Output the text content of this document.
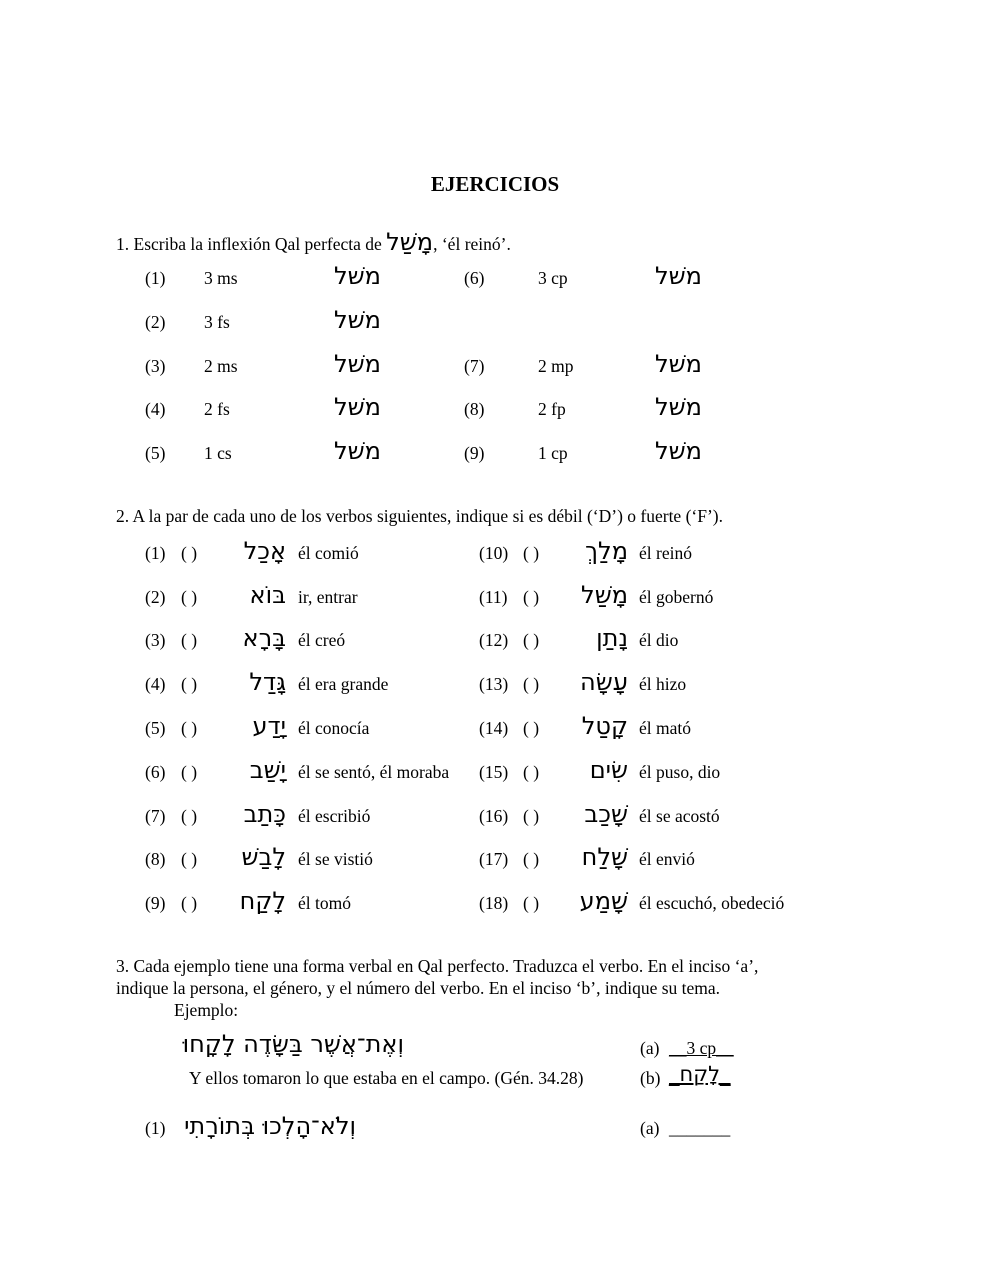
EJERCICIOS
1. Escriba la inflexión Qal perfecta de מָשַׁל, ‘él reinó’.
(1) 3 ms	משׁל
(2) 3 fs	משׁל
(3) 2 ms	משׁל
(4) 2 fs	משׁל
(5) 1 cs	משׁל
(6)	3 cp	משׁל
(7)	2 mp	משׁל
(8)	2 fp	משׁל
(9)	1 cp	משׁל
2. A la par de cada uno de los verbos siguientes, indique si es débil (‘D’) o fuerte (‘F’).
(1) ( )	אָכַל él comió
(2) ( )	בּוֹא ir, entrar
(3) ( )	בָּרָא él creó
(4) ( )	גָּדַל él era grande
(5) ( )	יָדַע él conocía
(6) ( )	יָשַׁב él se sentó, él moraba
(7) ( )	כָּתַב él escribió
(8) ( )	לָבַשׁ él se vistió
(9) ( )	לָקַח él tomó
(10) ( )	מָלַךְ él reinó
(11) ( )	מָשַׁל él gobernó
(12) ( )	נָתַן él dio
(13) ( )	עָשָׂה él hizo
(14) ( )	קָטַל él mató
(15) ( )	שִׂים él puso, dio
(16) ( )	שָׁכַב él se acostó
(17) ( )	שָׁלַח él envió
(18) ( )	שָׁמַע él escuchó, obedeció
3. Cada ejemplo tiene una forma verbal en Qal perfecto. Traduzca el verbo. En el inciso ‘a’,
indique la persona, el género, y el número del verbo. En el inciso ‘b’, indique su tema.
Ejemplo:
וְאֶת־אֲשֶׁר בַּשָּׂדֶה לָקָחוּ	(a) __3 cp__
Y ellos tomaron lo que estaba en el campo. (Gén. 34.28)	(b) _לָקַח_
(1) וְלֹא־הָלְכוּ בְּתוֹרָתִי	(a) _______
